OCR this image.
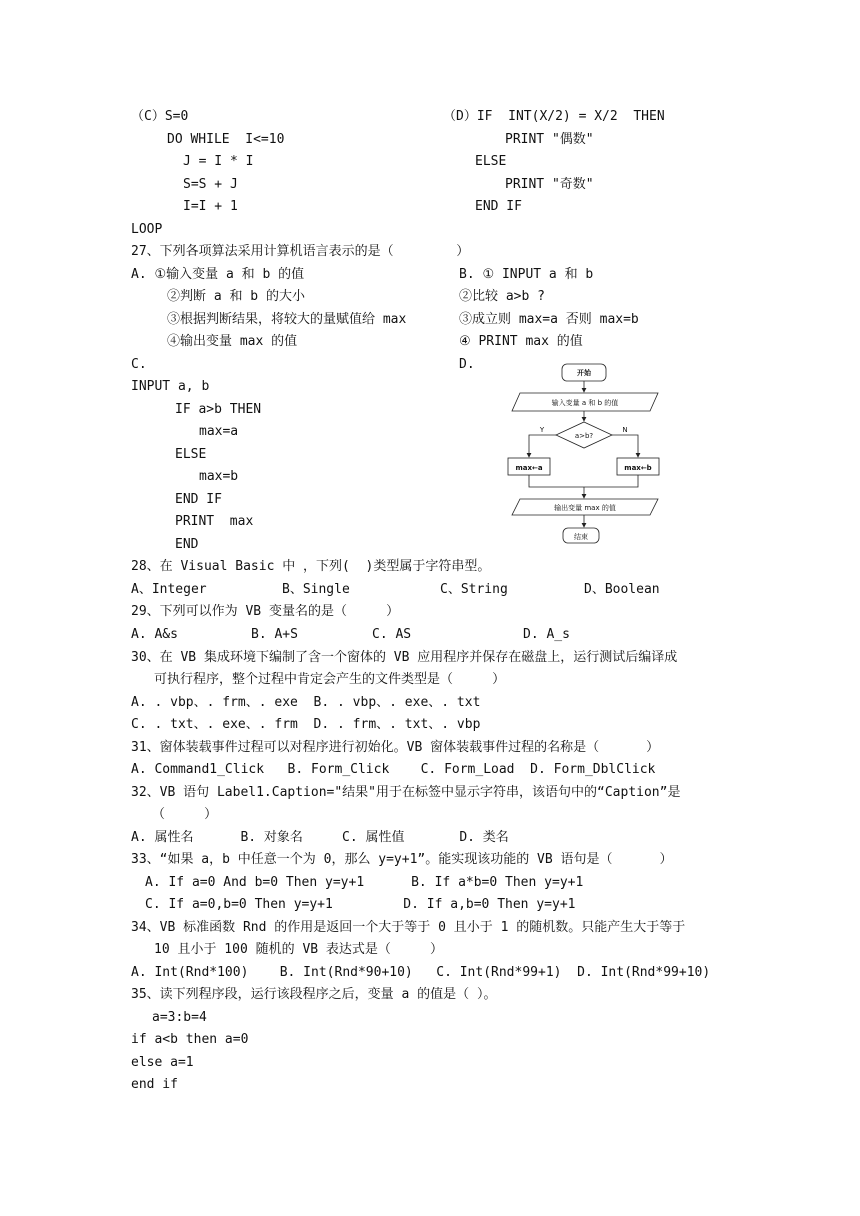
（C）S=0
DO WHILE  I<=10
J = I * I
S=S + J
I=I + 1
LOOP
（D）IF  INT(X/2) = X/2  THEN
PRINT "偶数"
ELSE
PRINT "奇数"
END IF
27、下列各项算法采用计算机语言表示的是（        ）
A. ①输入变量 a 和 b 的值
②判断 a 和 b 的大小
③根据判断结果，将较大的量赋值给 max
④输出变量 max 的值
B. ① INPUT a 和 b
②比较 a>b ?
③成立则 max=a 否则 max=b
④ PRINT max 的值
C.	D.
INPUT a, b
IF a>b THEN
max=a
ELSE
max=b
END IF
PRINT  max
END
开始
输入变量 a 和 b 的值
a>b?
Y	N
max←a	max←b
输出变量 max 的值
结束
28、在 Visual Basic 中 ，下列(  )类型属于字符串型。
A、Integer	B、Single	C、String	D、Boolean
29、下列可以作为 VB 变量名的是（     ）
A. A&s	B. A+S	C. AS	D. A_s
30、在 VB 集成环境下编制了含一个窗体的 VB 应用程序并保存在磁盘上，运行测试后编译成
可执行程序，整个过程中肯定会产生的文件类型是（     ）
A. . vbp、. frm、. exe  B. . vbp、. exe、. txt
C. . txt、. exe、. frm  D. . frm、. txt、. vbp
31、窗体装载事件过程可以对程序进行初始化。VB 窗体装载事件过程的名称是（      ）
A. Command1_Click   B. Form_Click    C. Form_Load  D. Form_DblClick
32、VB 语句 Label1.Caption="结果"用于在标签中显示字符串，该语句中的“Caption”是
（     ）
A. 属性名      B. 对象名     C. 属性值       D. 类名
33、“如果 a，b 中任意一个为 0，那么 y=y+1”。能实现该功能的 VB 语句是（      ）
A. If a=0 And b=0 Then y=y+1      B. If a*b=0 Then y=y+1
C. If a=0,b=0 Then y=y+1         D. If a,b=0 Then y=y+1
34、VB 标准函数 Rnd 的作用是返回一个大于等于 0 且小于 1 的随机数。只能产生大于等于
10 且小于 100 随机的 VB 表达式是（     ）
A. Int(Rnd*100)    B. Int(Rnd*90+10)   C. Int(Rnd*99+1)  D. Int(Rnd*99+10)
35、读下列程序段，运行该段程序之后，变量 a 的值是（ ）。
a=3:b=4
if a<b then a=0
else a=1
end if
